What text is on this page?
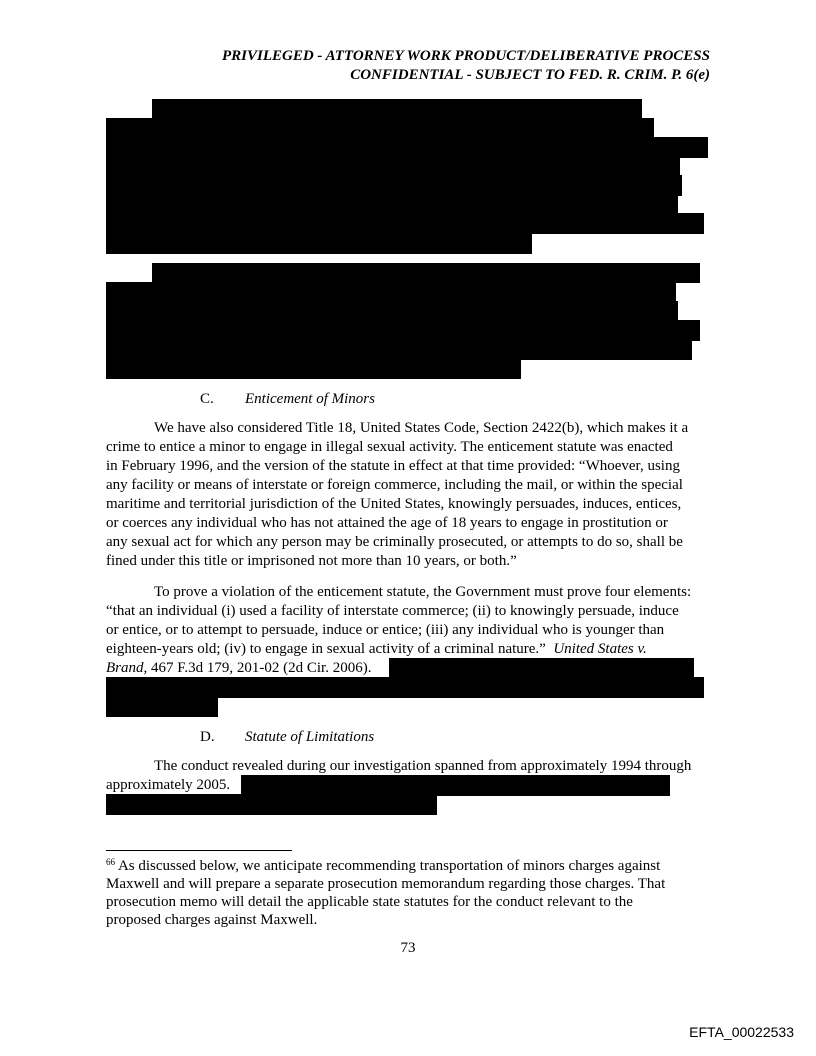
PRIVILEGED - ATTORNEY WORK PRODUCT/DELIBERATIVE PROCESS
CONFIDENTIAL - SUBJECT TO FED. R. CRIM. P. 6(e)
C. Enticement of Minors
We have also considered Title 18, United States Code, Section 2422(b), which makes it a
crime to entice a minor to engage in illegal sexual activity. The enticement statute was enacted
in February 1996, and the version of the statute in effect at that time provided: “Whoever, using
any facility or means of interstate or foreign commerce, including the mail, or within the special
maritime and territorial jurisdiction of the United States, knowingly persuades, induces, entices,
or coerces any individual who has not attained the age of 18 years to engage in prostitution or
any sexual act for which any person may be criminally prosecuted, or attempts to do so, shall be
fined under this title or imprisoned not more than 10 years, or both.”
To prove a violation of the enticement statute, the Government must prove four elements:
“that an individual (i) used a facility of interstate commerce; (ii) to knowingly persuade, induce
or entice, or to attempt to persuade, induce or entice; (iii) any individual who is younger than
eighteen-years old; (iv) to engage in sexual activity of a criminal nature.” United States v.
Brand, 467 F.3d 179, 201-02 (2d Cir. 2006).
D. Statute of Limitations
The conduct revealed during our investigation spanned from approximately 1994 through
approximately 2005.
$^{66}$ As discussed below, we anticipate recommending transportation of minors charges against
Maxwell and will prepare a separate prosecution memorandum regarding those charges. That
prosecution memo will detail the applicable state statutes for the conduct relevant to the
proposed charges against Maxwell.
73
EFTA_00022533
